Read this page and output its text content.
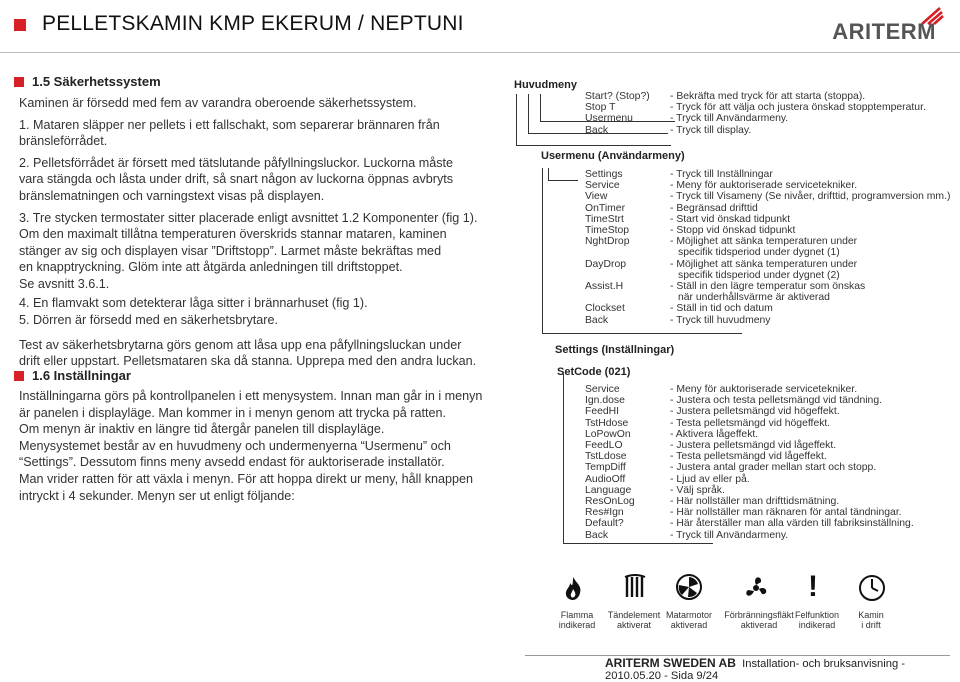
PELLETSKAMIN KMP EKERUM / NEPTUNI	ARITERM
1.5 Säkerhetssystem

Kaminen är försedd med fem av varandra oberoende säkerhetssystem.

1. Mataren släpper ner pellets i ett fallschakt, som separerar brännaren från

bränsleförrådet.

2. Pelletsförrådet är försett med tätslutande påfyllningsluckor. Luckorna måste

vara stängda och låsta under drift, så snart någon av luckorna öppnas avbryts

bränslematningen och varningstext visas på displayen.

3. Tre stycken termostater sitter placerade enligt avsnittet 1.2 Komponenter (fig 1).

Om den maximalt tillåtna temperaturen överskrids stannar mataren, kaminen

stänger av sig och displayen visar ”Driftstopp”. Larmet måste bekräftas med

en knapptryckning. Glöm inte att åtgärda anledningen till driftstoppet.

Se avsnitt 3.6.1.

4. En flamvakt som detekterar låga sitter i brännarhuset (fig 1).

5. Dörren är försedd med en säkerhetsbrytare.

Test av säkerhetsbrytarna görs genom att låsa upp ena påfyllningsluckan under

drift eller uppstart. Pelletsmataren ska då stanna. Upprepa med den andra luckan.

1.6 Inställningar

Inställningarna görs på kontrollpanelen i ett menysystem. Innan man går in i menyn

är panelen i displayläge. Man kommer in i menyn genom att trycka på ratten.

Om menyn är inaktiv en längre tid återgår panelen till displayläge.

Menysystemet består av en huvudmeny och undermenyerna “Usermenu” och

“Settings”. Dessutom finns meny avsedd endast för auktoriserade installatör.

Man vrider ratten för att växla i menyn. För att hoppa direkt ur meny, håll knappen

intryckt i 4 sekunder. Menyn ser ut enligt följande:

Huvudmeny
Start? (Stop?)	- Bekräfta med tryck för att starta (stoppa).
Stop T	- Tryck för att välja och justera önskad stopptemperatur.
Usermenu	- Tryck till Användarmeny.
Back	- Tryck till display.
Usermenu (Användarmeny)
Settings	- Tryck till Inställningar
Service	- Meny för auktoriserade servicetekniker.
View	- Tryck till Visameny (Se nivåer, drifttid, programversion mm.)
OnTimer	- Begränsad drifttid
TimeStrt	- Start vid önskad tidpunkt
TimeStop	- Stopp vid önskad tidpunkt
NghtDrop	- Möjlighet att sänka temperaturen under
specifik tidsperiod under dygnet (1)
DayDrop	- Möjlighet att sänka temperaturen under
specifik tidsperiod under dygnet (2)
Assist.H	- Ställ in den lägre temperatur som önskas
när underhållsvärme är aktiverad
Clockset	- Ställ in tid och datum
Back	- Tryck till huvudmeny
Settings (Inställningar)
SetCode (021)
Service	- Meny för auktoriserade servicetekniker.
Ign.dose	- Justera och testa pelletsmängd vid tändning.
FeedHI	- Justera pelletsmängd vid högeffekt.
TstHdose	- Testa pelletsmängd vid högeffekt.
LoPowOn	- Aktivera lågeffekt.
FeedLO	- Justera pelletsmängd vid lågeffekt.
TstLdose	- Testa pelletsmängd vid lågeffekt.
TempDiff	- Justera antal grader mellan start och stopp.
AudioOff	- Ljud av eller på.
Language	- Välj språk.
ResOnLog	- Här nollställer man drifttidsmätning.
Res#Ign	- Här nollställer man räknaren för antal tändningar.
Default?	- Här återställer man alla värden till fabriksinställning.
Back	- Tryck till Användarmeny.
!
Flamma
indikerad
Tändelement
aktiverat
Matarmotor
aktiverad
Förbränningsfläkt
aktiverad
Felfunktion
indikerad
Kamin
i drift
ARITERM SWEDEN AB Installation- och bruksanvisning - 2010.05.20 - Sida 9/24
